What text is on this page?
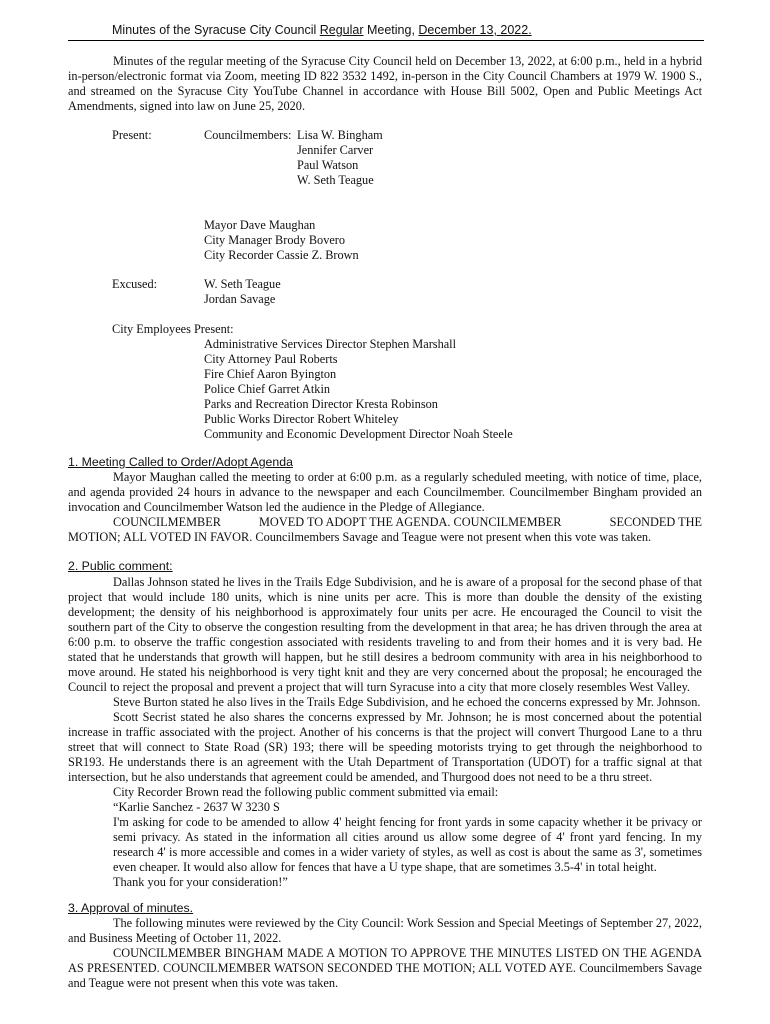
Minutes of the Syracuse City Council Regular Meeting, December 13, 2022.

Minutes of the regular meeting of the Syracuse City Council held on December 13, 2022, at 6:00 p.m., held in a hybrid in-person/electronic format via Zoom, meeting ID 822 3532 1492, in-person in the City Council Chambers at 1979 W. 1900 S., and streamed on the Syracuse City YouTube Channel in accordance with House Bill 5002, Open and Public Meetings Act Amendments, signed into law on June 25, 2020.

Present:	Councilmembers: Lisa W. Bingham
Jennifer Carver
Paul Watson
W. Seth Teague
Mayor Dave Maughan
City Manager Brody Bovero
City Recorder Cassie Z. Brown
Excused:	W. Seth Teague
Jordan Savage
City Employees Present:
Administrative Services Director Stephen Marshall
City Attorney Paul Roberts
Fire Chief Aaron Byington
Police Chief Garret Atkin
Parks and Recreation Director Kresta Robinson
Public Works Director Robert Whiteley
Community and Economic Development Director Noah Steele
1. Meeting Called to Order/Adopt Agenda

Mayor Maughan called the meeting to order at 6:00 p.m. as a regularly scheduled meeting, with notice of time, place, and agenda provided 24 hours in advance to the newspaper and each Councilmember. Councilmember Bingham provided an invocation and Councilmember Watson led the audience in the Pledge of Allegiance.

COUNCILMEMBER	MOVED TO ADOPT THE AGENDA. COUNCILMEMBER	SECONDED THE

MOTION; ALL VOTED IN FAVOR. Councilmembers Savage and Teague were not present when this vote was taken.

2. Public comment:

Dallas Johnson stated he lives in the Trails Edge Subdivision, and he is aware of a proposal for the second phase of that project that would include 180 units, which is nine units per acre. This is more than double the density of the existing development; the density of his neighborhood is approximately four units per acre. He encouraged the Council to visit the southern part of the City to observe the congestion resulting from the development in that area; he has driven through the area at 6:00 p.m. to observe the traffic congestion associated with residents traveling to and from their homes and it is very bad. He stated that he understands that growth will happen, but he still desires a bedroom community with area in his neighborhood to move around. He stated his neighborhood is very tight knit and they are very concerned about the proposal; he encouraged the Council to reject the proposal and prevent a project that will turn Syracuse into a city that more closely resembles West Valley.

Steve Burton stated he also lives in the Trails Edge Subdivision, and he echoed the concerns expressed by Mr. Johnson.

Scott Secrist stated he also shares the concerns expressed by Mr. Johnson; he is most concerned about the potential increase in traffic associated with the project. Another of his concerns is that the project will convert Thurgood Lane to a thru street that will connect to State Road (SR) 193; there will be speeding motorists trying to get through the neighborhood to SR193. He understands there is an agreement with the Utah Department of Transportation (UDOT) for a traffic signal at that intersection, but he also understands that agreement could be amended, and Thurgood does not need to be a thru street.

City Recorder Brown read the following public comment submitted via email:

“Karlie Sanchez - 2637 W 3230 S

I'm asking for code to be amended to allow 4' height fencing for front yards in some capacity whether it be privacy or semi privacy. As stated in the information all cities around us allow some degree of 4' front yard fencing. In my research 4' is more accessible and comes in a wider variety of styles, as well as cost is about the same as 3', sometimes even cheaper. It would also allow for fences that have a U type shape, that are sometimes 3.5-4' in total height.

Thank you for your consideration!”

3. Approval of minutes.

The following minutes were reviewed by the City Council: Work Session and Special Meetings of September 27, 2022, and Business Meeting of October 11, 2022.

COUNCILMEMBER BINGHAM MADE A MOTION TO APPROVE THE MINUTES LISTED ON THE AGENDA AS PRESENTED. COUNCILMEMBER WATSON SECONDED THE MOTION; ALL VOTED AYE. Councilmembers Savage and Teague were not present when this vote was taken.
